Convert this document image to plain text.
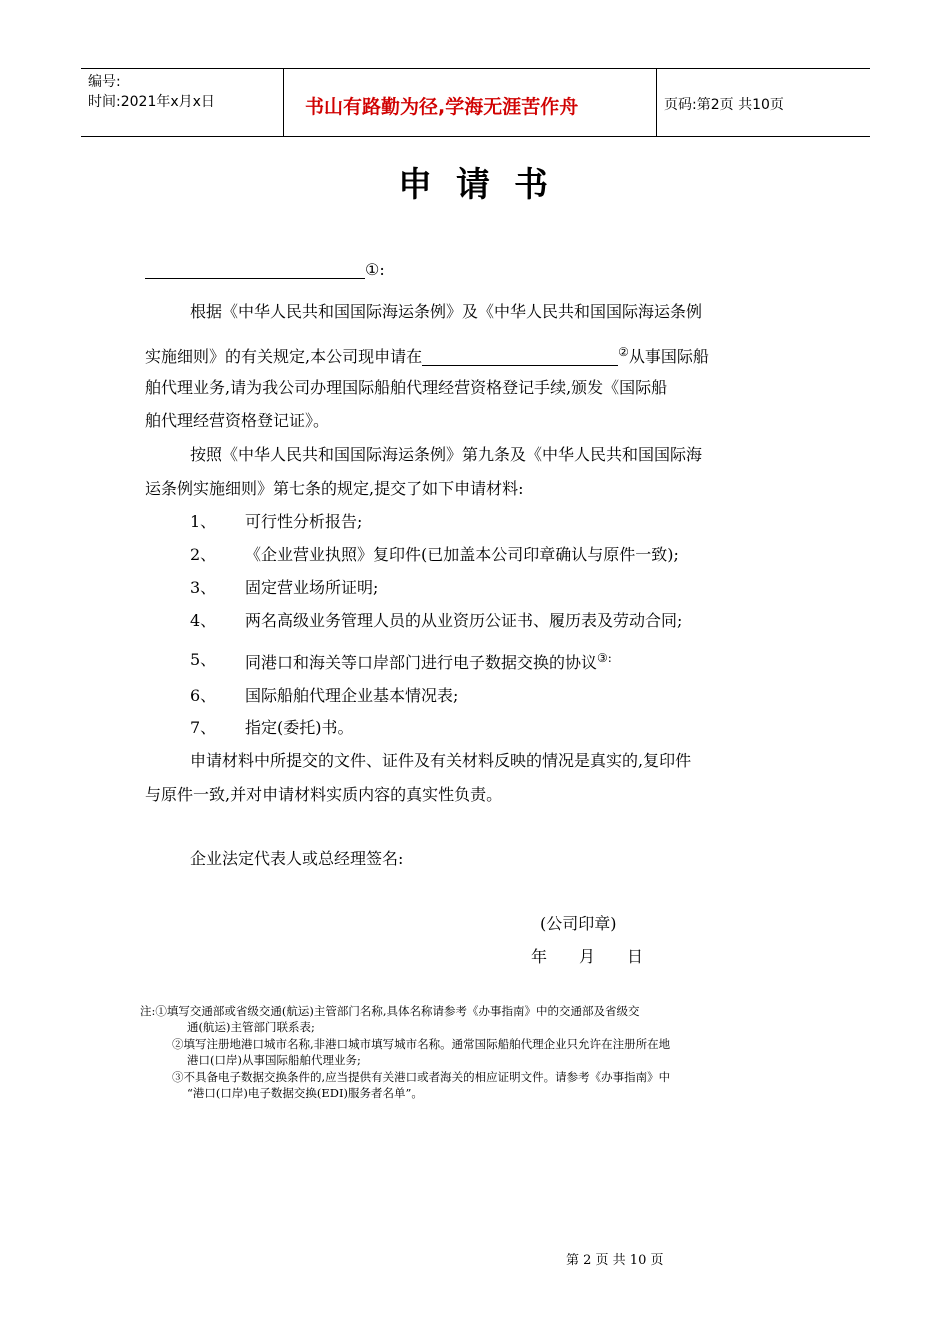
编号:
时间:2021年x月x日	书山有路勤为径,学海无涯苦作舟	页码:第2页 共10页
申请书
①:
根据《中华人民共和国国际海运条例》及《中华人民共和国国际海运条例
实施细则》的有关规定,本公司现申请在	②从事国际船
舶代理业务,请为我公司办理国际船舶代理经营资格登记手续,颁发《国际船
舶代理经营资格登记证》。
按照《中华人民共和国国际海运条例》第九条及《中华人民共和国国际海
运条例实施细则》第七条的规定,提交了如下申请材料:
1、 可行性分析报告;
2、 《企业营业执照》复印件(已加盖本公司印章确认与原件一致);
3、 固定营业场所证明;
4、 两名高级业务管理人员的从业资历公证书、履历表及劳动合同;
5、 同港口和海关等口岸部门进行电子数据交换的协议③:
6、 国际船舶代理企业基本情况表;
7、 指定(委托)书。
申请材料中所提交的文件、证件及有关材料反映的情况是真实的,复印件
与原件一致,并对申请材料实质内容的真实性负责。
企业法定代表人或总经理签名:
(公司印章)
年　　月　　日
注:①填写交通部或省级交通(航运)主管部门名称,具体名称请参考《办事指南》中的交通部及省级交
通(航运)主管部门联系表;
②填写注册地港口城市名称,非港口城市填写城市名称。通常国际船舶代理企业只允许在注册所在地
港口(口岸)从事国际船舶代理业务;
③不具备电子数据交换条件的,应当提供有关港口或者海关的相应证明文件。请参考《办事指南》中
“港口(口岸)电子数据交换(EDI)服务者名单”。
第 2 页 共 10 页
